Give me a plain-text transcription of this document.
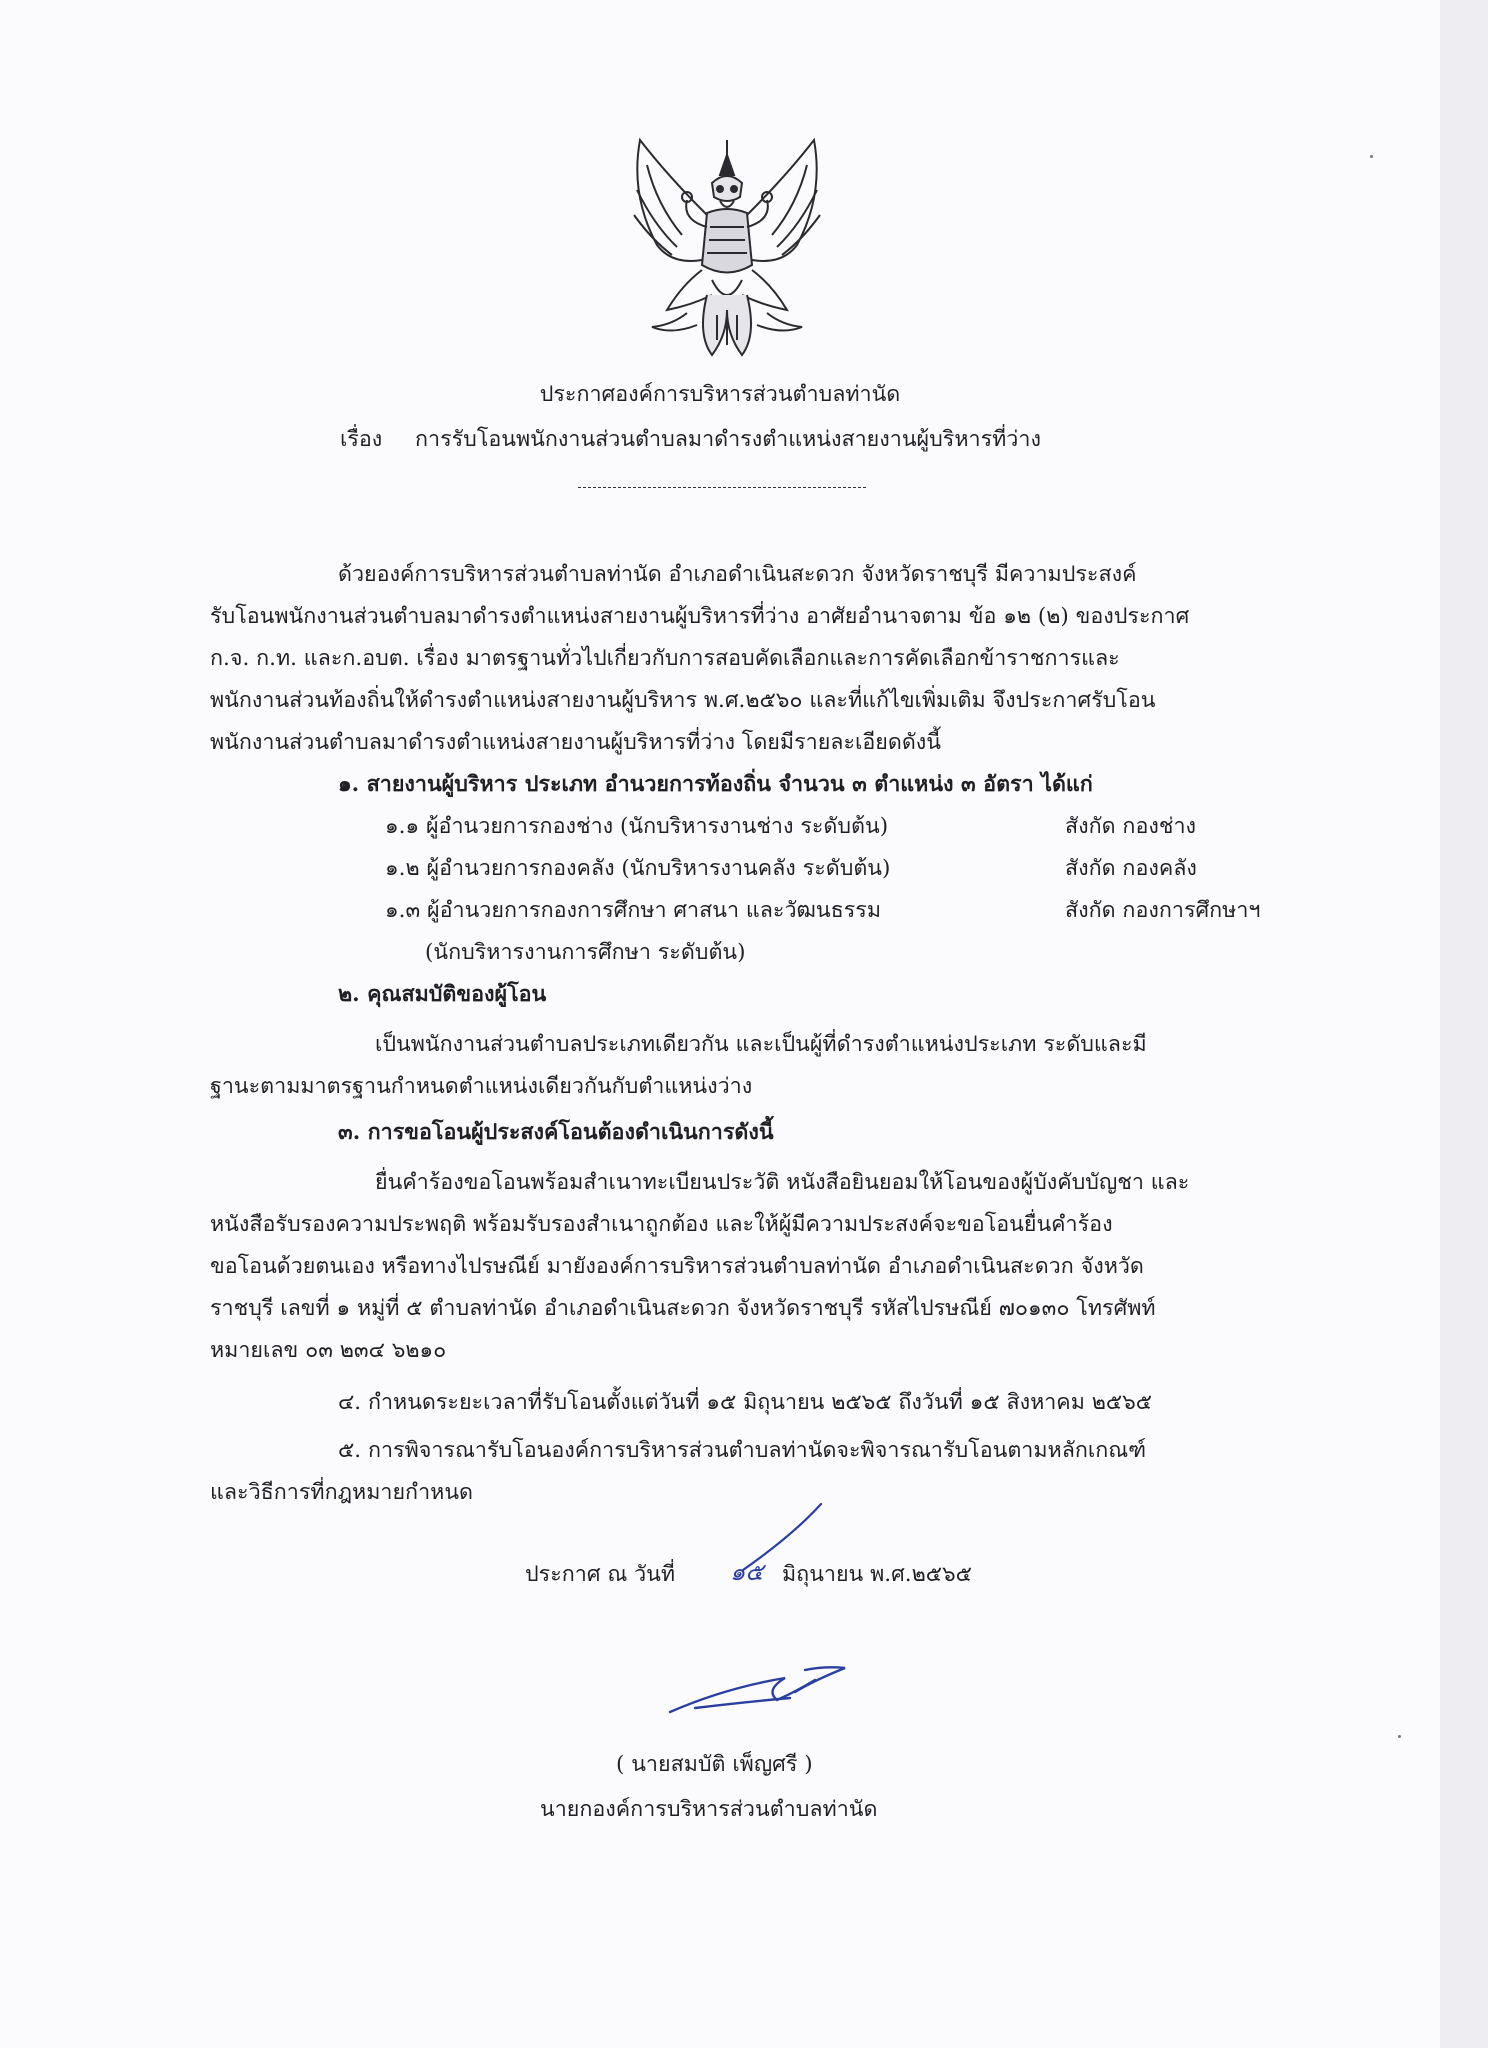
ประกาศองค์การบริหารส่วนตำบลท่านัด
เรื่อง การรับโอนพนักงานส่วนตำบลมาดำรงตำแหน่งสายงานผู้บริหารที่ว่าง
ด้วยองค์การบริหารส่วนตำบลท่านัด อำเภอดำเนินสะดวก จังหวัดราชบุรี มีความประสงค์
รับโอนพนักงานส่วนตำบลมาดำรงตำแหน่งสายงานผู้บริหารที่ว่าง อาศัยอำนาจตาม ข้อ ๑๒ (๒) ของประกาศ
ก.จ. ก.ท. และก.อบต. เรื่อง มาตรฐานทั่วไปเกี่ยวกับการสอบคัดเลือกและการคัดเลือกข้าราชการและ
พนักงานส่วนท้องถิ่นให้ดำรงตำแหน่งสายงานผู้บริหาร พ.ศ.๒๕๖๐ และที่แก้ไขเพิ่มเติม จึงประกาศรับโอน
พนักงานส่วนตำบลมาดำรงตำแหน่งสายงานผู้บริหารที่ว่าง โดยมีรายละเอียดดังนี้
๑. สายงานผู้บริหาร ประเภท อำนวยการท้องถิ่น จำนวน ๓ ตำแหน่ง ๓ อัตรา ได้แก่
๑.๑ ผู้อำนวยการกองช่าง (นักบริหารงานช่าง ระดับต้น)	สังกัด กองช่าง
๑.๒ ผู้อำนวยการกองคลัง (นักบริหารงานคลัง ระดับต้น)	สังกัด กองคลัง
๑.๓ ผู้อำนวยการกองการศึกษา ศาสนา และวัฒนธรรม	สังกัด กองการศึกษาฯ
(นักบริหารงานการศึกษา ระดับต้น)
๒. คุณสมบัติของผู้โอน
เป็นพนักงานส่วนตำบลประเภทเดียวกัน และเป็นผู้ที่ดำรงตำแหน่งประเภท ระดับและมี
ฐานะตามมาตรฐานกำหนดตำแหน่งเดียวกันกับตำแหน่งว่าง
๓. การขอโอนผู้ประสงค์โอนต้องดำเนินการดังนี้
ยื่นคำร้องขอโอนพร้อมสำเนาทะเบียนประวัติ หนังสือยินยอมให้โอนของผู้บังคับบัญชา และ
หนังสือรับรองความประพฤติ พร้อมรับรองสำเนาถูกต้อง และให้ผู้มีความประสงค์จะขอโอนยื่นคำร้อง
ขอโอนด้วยตนเอง หรือทางไปรษณีย์ มายังองค์การบริหารส่วนตำบลท่านัด อำเภอดำเนินสะดวก จังหวัด
ราชบุรี เลขที่ ๑ หมู่ที่ ๕ ตำบลท่านัด อำเภอดำเนินสะดวก จังหวัดราชบุรี รหัสไปรษณีย์ ๗๐๑๓๐ โทรศัพท์
หมายเลข ๐๓ ๒๓๔ ๖๒๑๐
๔. กำหนดระยะเวลาที่รับโอนตั้งแต่วันที่ ๑๕ มิถุนายน ๒๕๖๕ ถึงวันที่ ๑๕ สิงหาคม ๒๕๖๕
๕. การพิจารณารับโอนองค์การบริหารส่วนตำบลท่านัดจะพิจารณารับโอนตามหลักเกณฑ์
และวิธีการที่กฎหมายกำหนด
ประกาศ ณ วันที่ ๑๕ มิถุนายน พ.ศ.๒๕๖๕
( นายสมบัติ เพ็ญศรี )
นายกองค์การบริหารส่วนตำบลท่านัด
